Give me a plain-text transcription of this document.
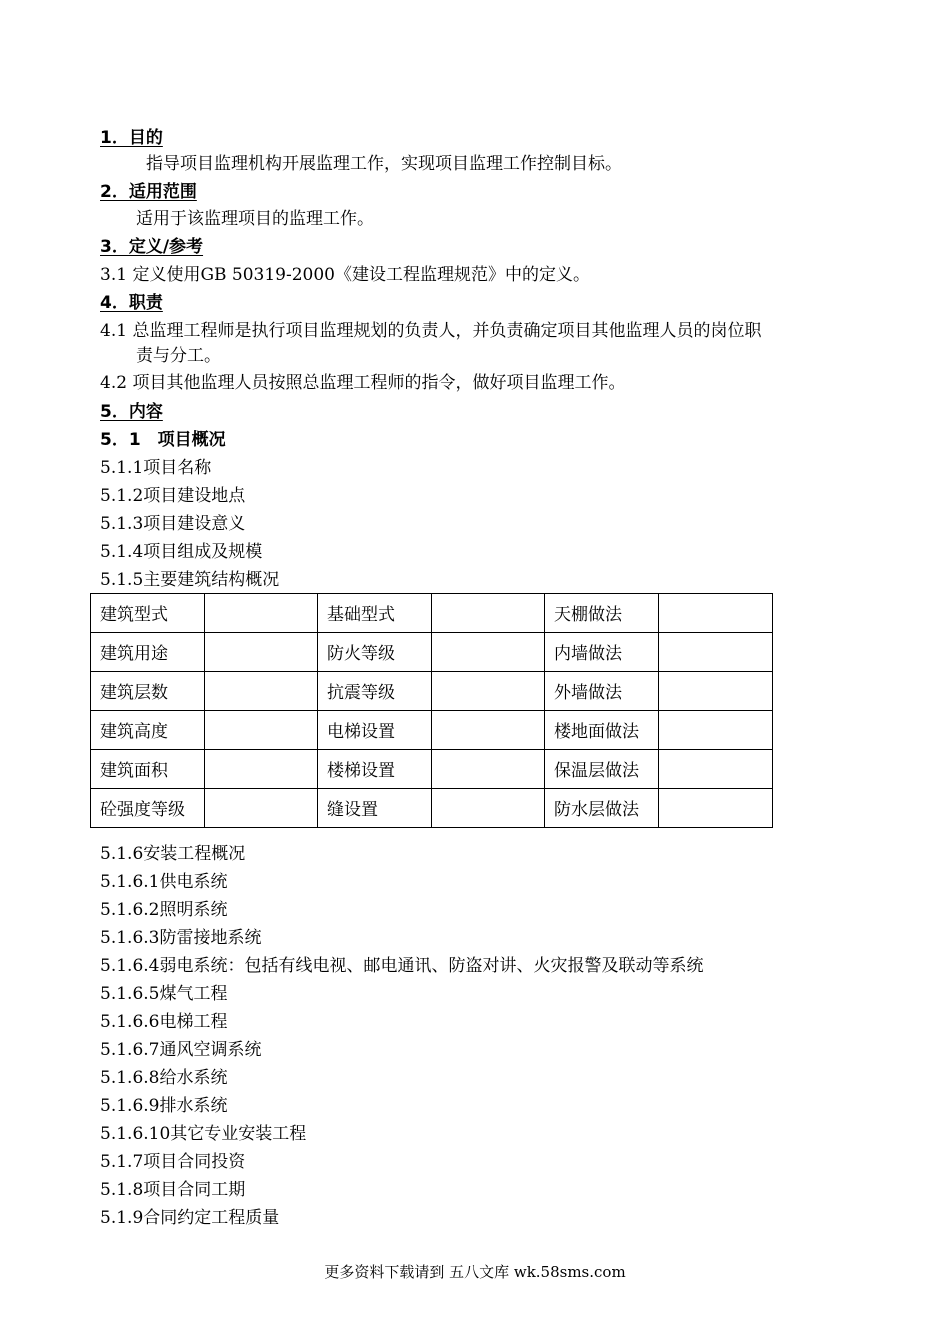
1．目的
指导项目监理机构开展监理工作，实现项目监理工作控制目标。
2．适用范围
适用于该监理项目的监理工作。
3．定义/参考
3.1 定义使用GB 50319-2000《建设工程监理规范》中的定义。
4．职责
4.1 总监理工程师是执行项目监理规划的负责人，并负责确定项目其他监理人员的岗位职
责与分工。
4.2 项目其他监理人员按照总监理工程师的指令，做好项目监理工作。
5．内容
5．1　项目概况
5.1.1项目名称
5.1.2项目建设地点
5.1.3项目建设意义
5.1.4项目组成及规模
5.1.5主要建筑结构概况
建筑型式		基础型式		天棚做法	
建筑用途		防火等级		内墙做法	
建筑层数		抗震等级		外墙做法	
建筑高度		电梯设置		楼地面做法	
建筑面积		楼梯设置		保温层做法	
砼强度等级		缝设置		防水层做法	
5.1.6安装工程概况
5.1.6.1供电系统
5.1.6.2照明系统
5.1.6.3防雷接地系统
5.1.6.4弱电系统：包括有线电视、邮电通讯、防盗对讲、火灾报警及联动等系统
5.1.6.5煤气工程
5.1.6.6电梯工程
5.1.6.7通风空调系统
5.1.6.8给水系统
5.1.6.9排水系统
5.1.6.10其它专业安装工程
5.1.7项目合同投资
5.1.8项目合同工期
5.1.9合同约定工程质量
更多资料下载请到 五八文库 wk.58sms.com
